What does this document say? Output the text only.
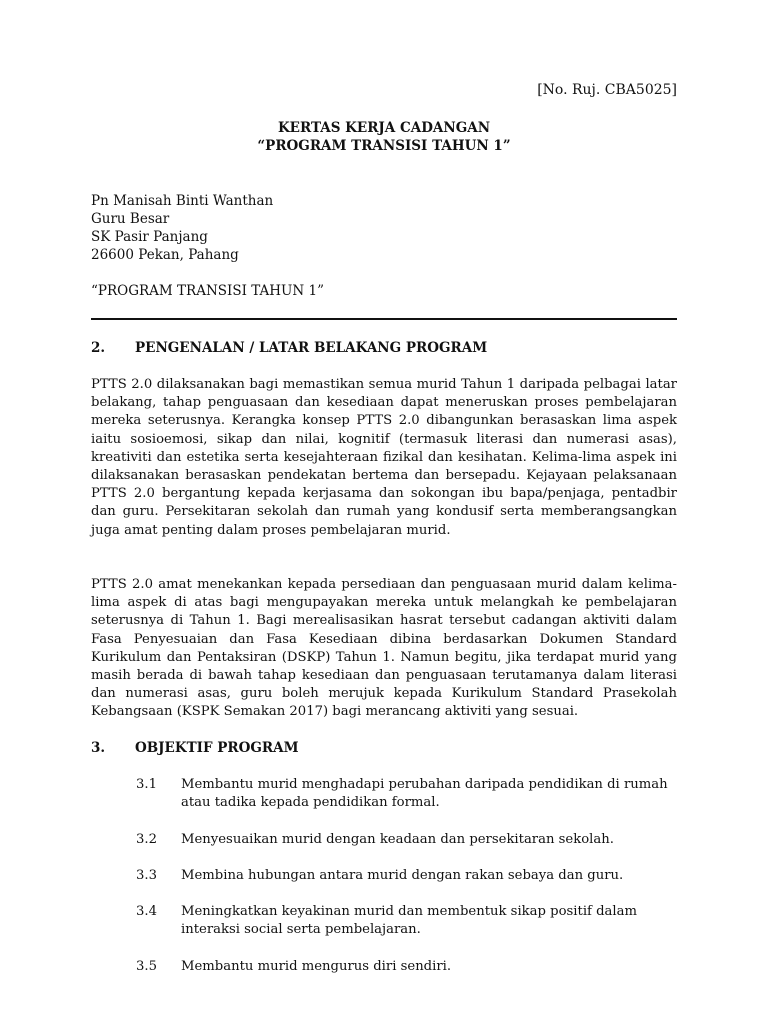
[No. Ruj. CBA5025]
KERTAS KERJA CADANGAN
“PROGRAM TRANSISI TAHUN 1”
Pn Manisah Binti Wanthan
Guru Besar
SK Pasir Panjang
26600 Pekan, Pahang
“PROGRAM TRANSISI TAHUN 1”
2. PENGENALAN / LATAR BELAKANG PROGRAM
PTTS 2.0 dilaksanakan bagi memastikan semua murid Tahun 1 daripada pelbagai latar belakang, tahap penguasaan dan kesediaan dapat meneruskan proses pembelajaran mereka seterusnya. Kerangka konsep PTTS 2.0 dibangunkan berasaskan lima aspek iaitu sosioemosi, sikap dan nilai, kognitif (termasuk literasi dan numerasi asas), kreativiti dan estetika serta kesejahteraan fizikal dan kesihatan. Kelima-lima aspek ini dilaksanakan berasaskan pendekatan bertema dan bersepadu. Kejayaan pelaksanaan PTTS 2.0 bergantung kepada kerjasama dan sokongan ibu bapa/penjaga, pentadbir dan guru. Persekitaran sekolah dan rumah yang kondusif serta memberangsangkan juga amat penting dalam proses pembelajaran murid.
PTTS 2.0 amat menekankan kepada persediaan dan penguasaan murid dalam kelima-lima aspek di atas bagi mengupayakan mereka untuk melangkah ke pembelajaran seterusnya di Tahun 1. Bagi merealisasikan hasrat tersebut cadangan aktiviti dalam Fasa Penyesuaian dan Fasa Kesediaan dibina berdasarkan Dokumen Standard Kurikulum dan Pentaksiran (DSKP) Tahun 1. Namun begitu, jika terdapat murid yang masih berada di bawah tahap kesediaan dan penguasaan terutamanya dalam literasi dan numerasi asas, guru boleh merujuk kepada Kurikulum Standard Prasekolah Kebangsaan (KSPK Semakan 2017) bagi merancang aktiviti yang sesuai.
3. OBJEKTIF PROGRAM
3.1	Membantu murid menghadapi perubahan daripada pendidikan di rumah atau tadika kepada pendidikan formal.
3.2	Menyesuaikan murid dengan keadaan dan persekitaran sekolah.
3.3	Membina hubungan antara murid dengan rakan sebaya dan guru.
3.4	Meningkatkan keyakinan murid dan membentuk sikap positif dalam interaksi social serta pembelajaran.
3.5	Membantu murid mengurus diri sendiri.
